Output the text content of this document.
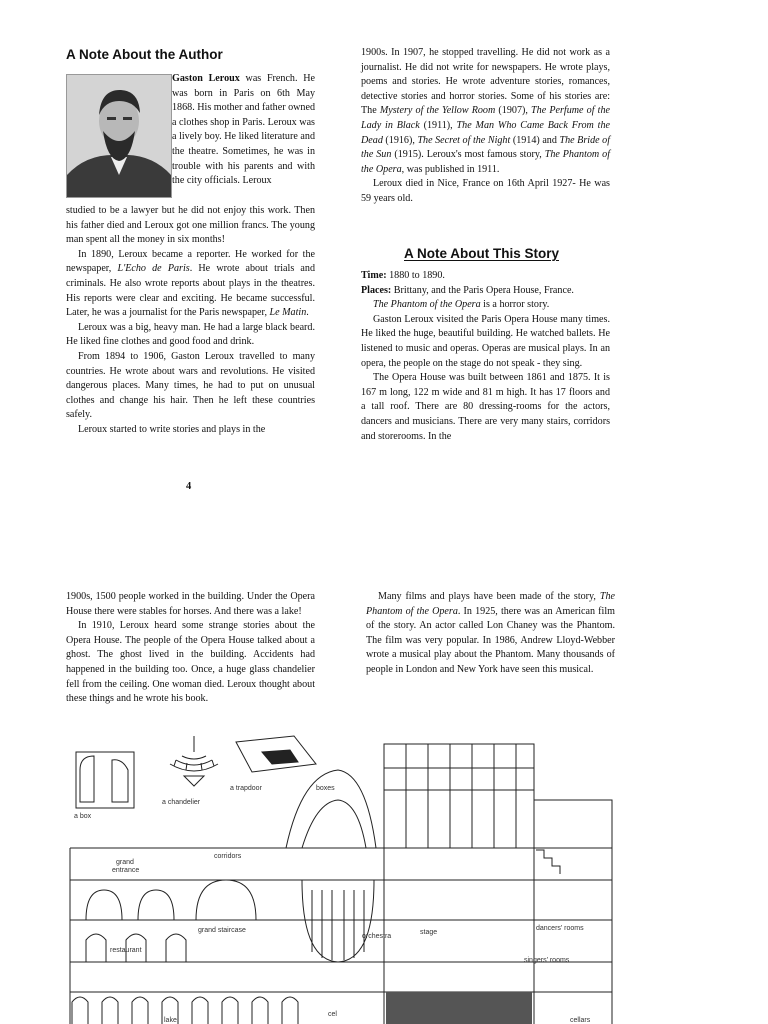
A Note About the Author

Gaston Leroux was French. He was born in Paris on 6th May 1868. His mother and father owned a clothes shop in Paris. Leroux was a lively boy. He liked literature and the theatre. Sometimes, he was in trouble with his parents and with the city officials. Leroux

studied to be a lawyer but he did not enjoy this work. Then his father died and Leroux got one million francs. The young man spent all the money in six months!

In 1890, Leroux became a reporter. He worked for the newspaper, L'Echo de Paris. He wrote about trials and criminals. He also wrote reports about plays in the theatres. His reports were clear and exciting. He became successful. Later, he was a journalist for the Paris newspaper, Le Matin.

Leroux was a big, heavy man. He had a large black beard. He liked fine clothes and good food and drink.

From 1894 to 1906, Gaston Leroux travelled to many countries. He wrote about wars and revolutions. He visited dangerous places. Many times, he had to put on unusual clothes and change his hair. Then he left these countries safely.

Leroux started to write stories and plays in the

4

1900s. In 1907, he stopped travelling. He did not work as a journalist. He did not write for newspapers. He wrote plays, poems and stories. He wrote adventure stories, romances, detective stories and horror stories. Some of his stories are: The Mystery of the Yellow Room (1907), The Perfume of the Lady in Black (1911), The Man Who Came Back From the Dead (1916), The Secret of the Night (1914) and The Bride of the Sun (1915). Leroux's most famous story, The Phantom of the Opera, was published in 1911.

Leroux died in Nice, France on 16th April 1927- He was 59 years old.

A Note About This Story

Time: 1880 to 1890.

Places: Brittany, and the Paris Opera House, France.

The Phantom of the Opera is a horror story.

Gaston Leroux visited the Paris Opera House many times. He liked the huge, beautiful building. He watched ballets. He listened to music and operas. Operas are musical plays. In an opera, the people on the stage do not speak - they sing.

The Opera House was built between 1861 and 1875. It is 167 m long, 122 m wide and 81 m high. It has 17 floors and a tall roof. There are 80 dressing-rooms for the actors, dancers and musicians. There are very many stairs, corridors and storerooms. In the

1900s, 1500 people worked in the building. Under the Opera House there were stables for horses. And there was a lake!

In 1910, Leroux heard some strange stories about the Opera House. The people of the Opera House talked about a ghost. The ghost lived in the building. Accidents had happened in the building too. Once, a huge glass chandelier fell from the ceiling. One woman died. Leroux thought about these things and he wrote his book.

Many films and plays have been made of the story, The Phantom of the Opera. In 1925, there was an American film of the story. An actor called Lon Chaney was the Phantom. The film was very popular. In 1986, Andrew Lloyd-Webber wrote a musical play about the Phantom. Many thousands of people in London and New York have seen this musical.

a box
a chandelier
a trapdoor	boxes
grand
entrance
corridors
grand staircase
restaurant
orchestra
stage
dancers' rooms
singers' rooms
lake
cel
cellars
